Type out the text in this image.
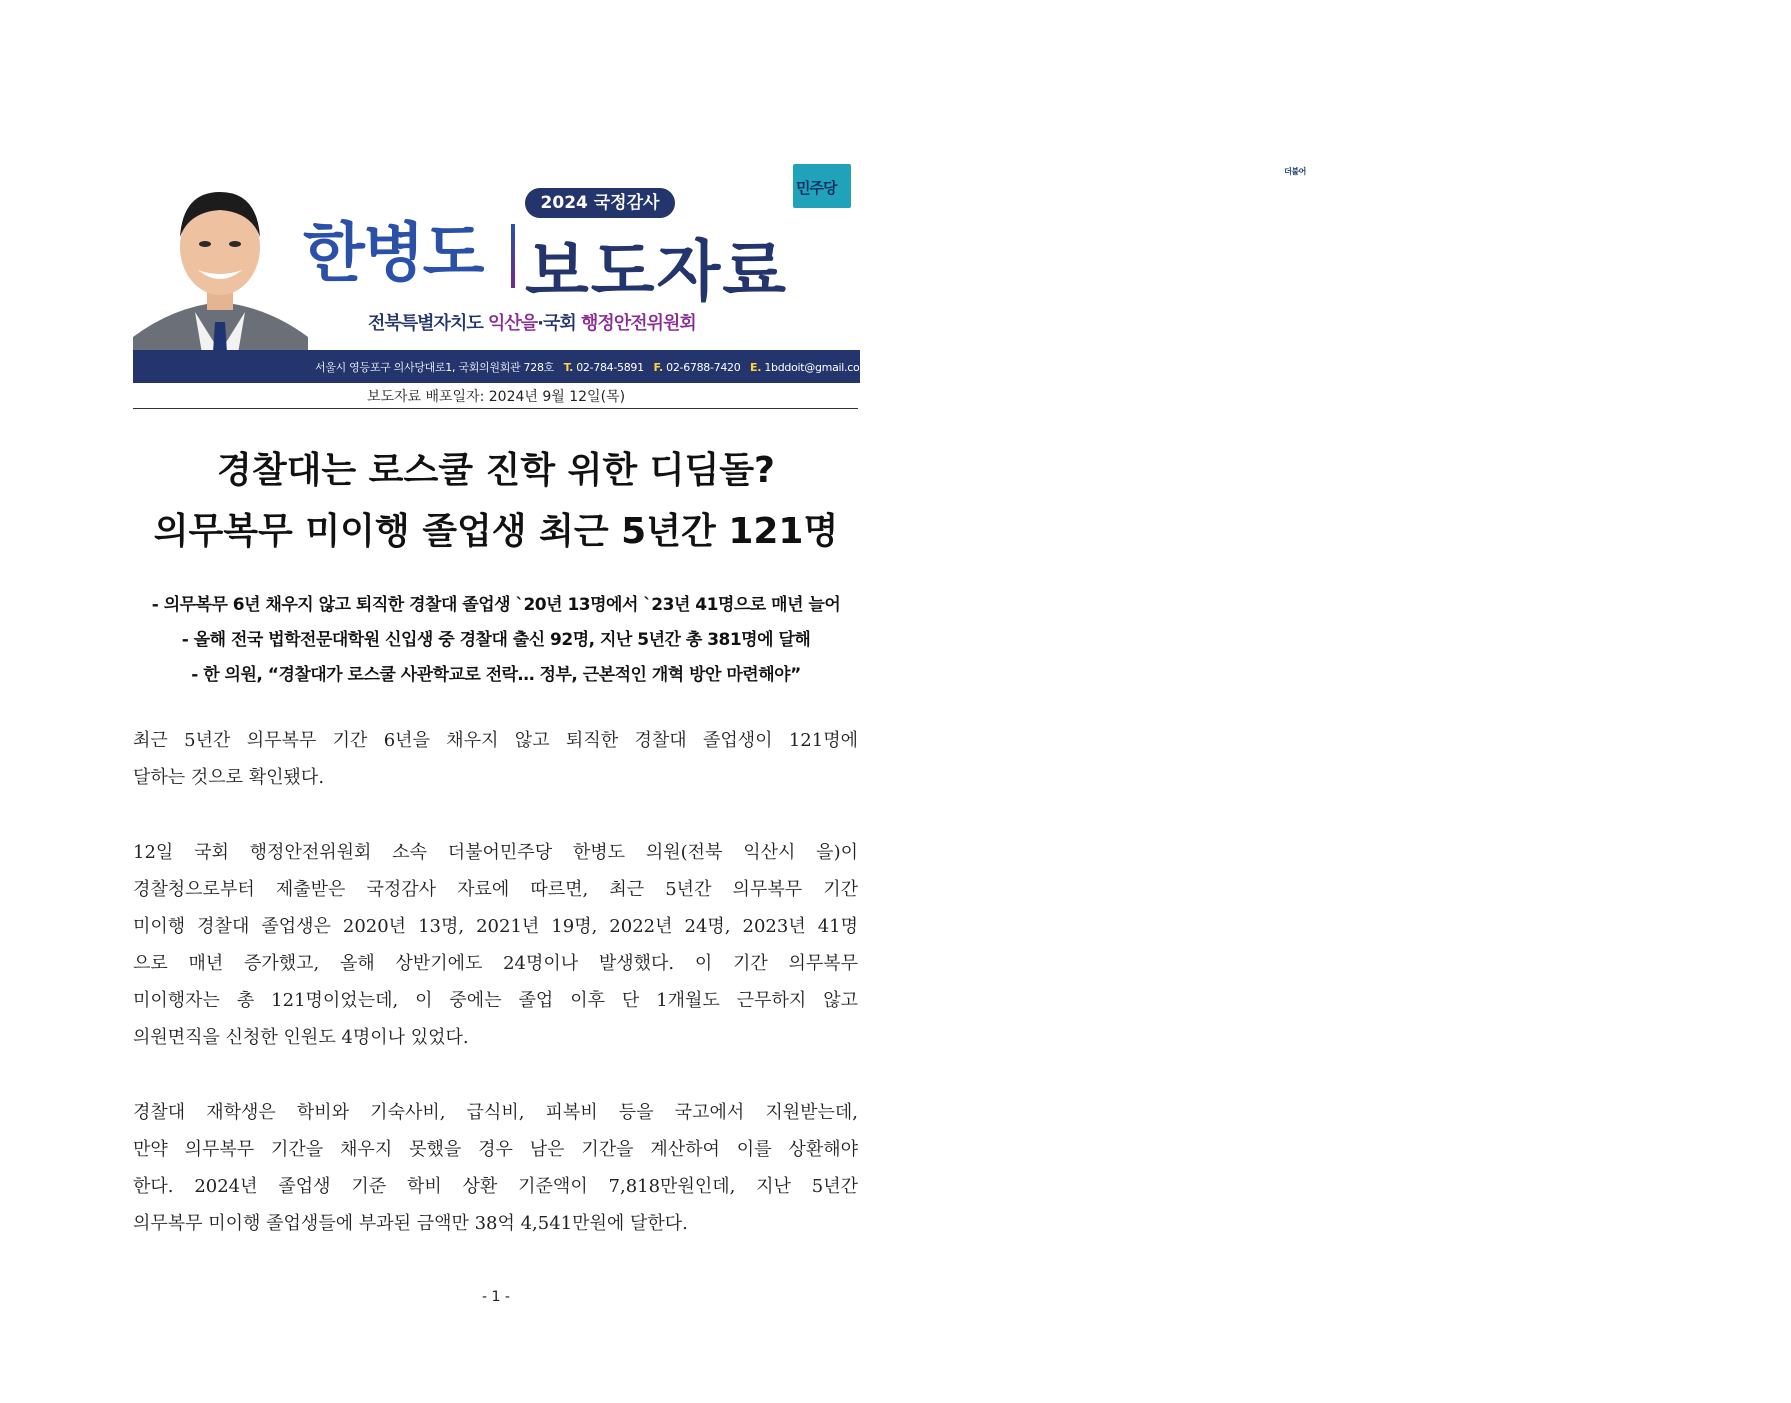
한병도
2024 국정감사
보도자료
전북특별자치도 익산을·국회 행정안전위원회
더불어
민주당
서울시 영등포구 의사당대로1, 국회의원회관 728호 T. 02-784-5891 F. 02-6788-7420 E. 1bddoit@gmail.com
보도자료 배포일자: 2024년 9월 12일(목)
경찰대는 로스쿨 진학 위한 디딤돌?
의무복무 미이행 졸업생 최근 5년간 121명
- 의무복무 6년 채우지 않고 퇴직한 경찰대 졸업생 `20년 13명에서 `23년 41명으로 매년 늘어
- 올해 전국 법학전문대학원 신입생 중 경찰대 출신 92명, 지난 5년간 총 381명에 달해
- 한 의원, “경찰대가 로스쿨 사관학교로 전락… 정부, 근본적인 개혁 방안 마련해야”
최근 5년간 의무복무 기간 6년을 채우지 않고 퇴직한 경찰대 졸업생이 121명에
달하는 것으로 확인됐다.
12일 국회 행정안전위원회 소속 더불어민주당 한병도 의원(전북 익산시 을)이
경찰청으로부터 제출받은 국정감사 자료에 따르면, 최근 5년간 의무복무 기간
미이행 경찰대 졸업생은 2020년 13명, 2021년 19명, 2022년 24명, 2023년 41명
으로 매년 증가했고, 올해 상반기에도 24명이나 발생했다. 이 기간 의무복무
미이행자는 총 121명이었는데, 이 중에는 졸업 이후 단 1개월도 근무하지 않고
의원면직을 신청한 인원도 4명이나 있었다.
경찰대 재학생은 학비와 기숙사비, 급식비, 피복비 등을 국고에서 지원받는데,
만약 의무복무 기간을 채우지 못했을 경우 남은 기간을 계산하여 이를 상환해야
한다. 2024년 졸업생 기준 학비 상환 기준액이 7,818만원인데, 지난 5년간
의무복무 미이행 졸업생들에 부과된 금액만 38억 4,541만원에 달한다.
- 1 -
